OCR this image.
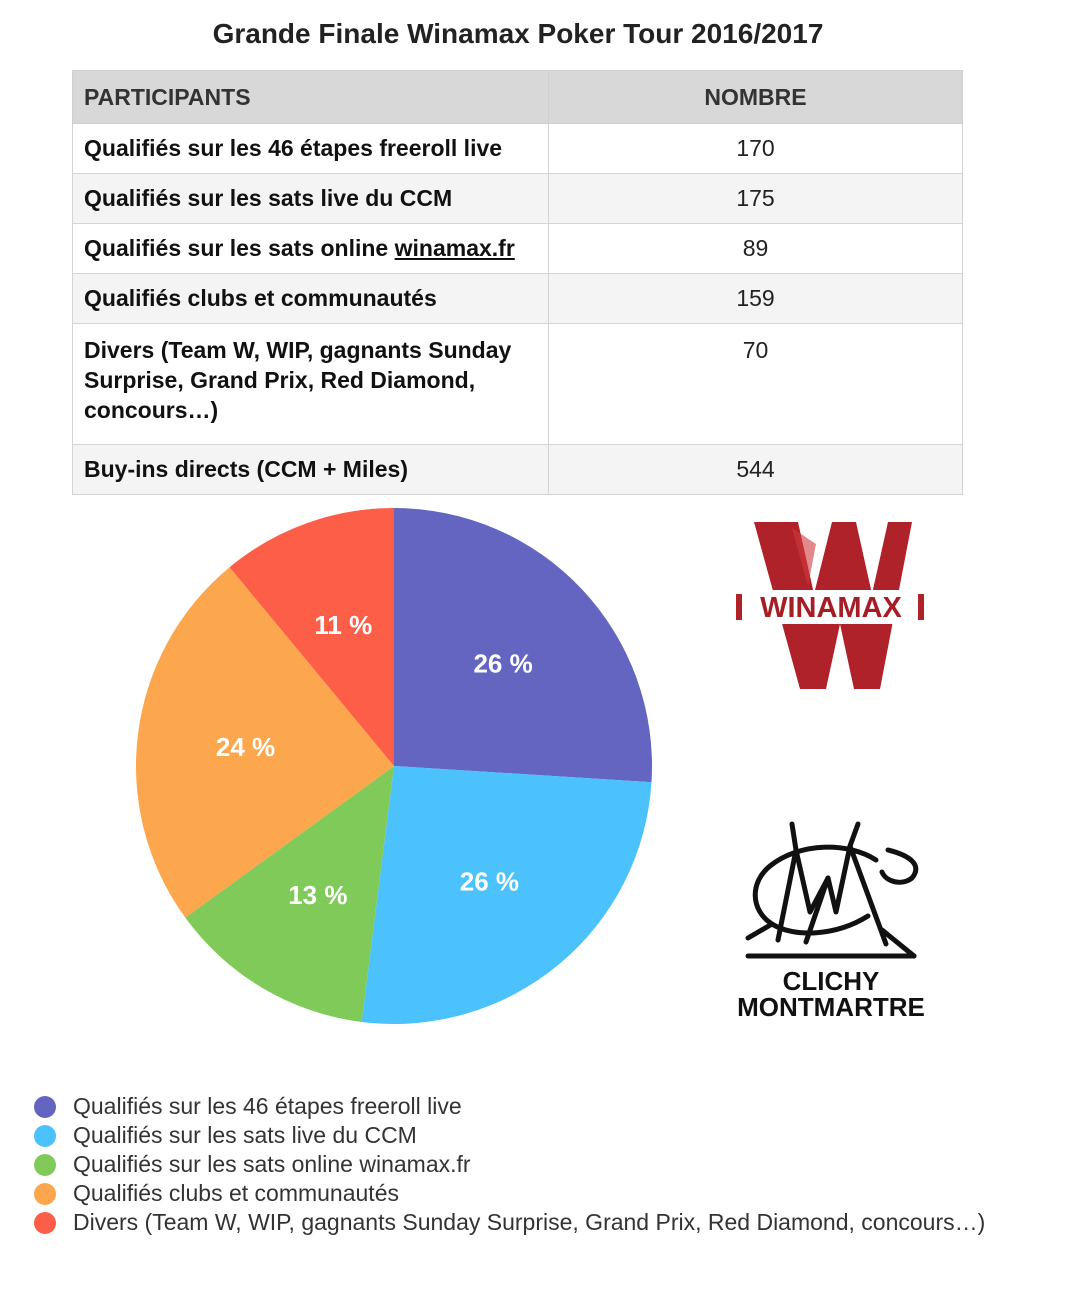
Grande Finale Winamax Poker Tour 2016/2017
PARTICIPANTS	NOMBRE
Qualifiés sur les 46 étapes freeroll live	170
Qualifiés sur les sats live du CCM	175
Qualifiés sur les sats online winamax.fr	89
Qualifiés clubs et communautés	159
Divers (Team W, WIP, gagnants Sunday
Surprise, Grand Prix, Red Diamond,
concours…)	70
Buy-ins directs (CCM + Miles)	544
26 %
26 %
13 %
24 %
11 %
WINAMAX
CLICHY
MONTMARTRE
Qualifiés sur les 46 étapes freeroll live
Qualifiés sur les sats live du CCM
Qualifiés sur les sats online winamax.fr
Qualifiés clubs et communautés
Divers (Team W, WIP, gagnants Sunday Surprise, Grand Prix, Red Diamond, concours…)
